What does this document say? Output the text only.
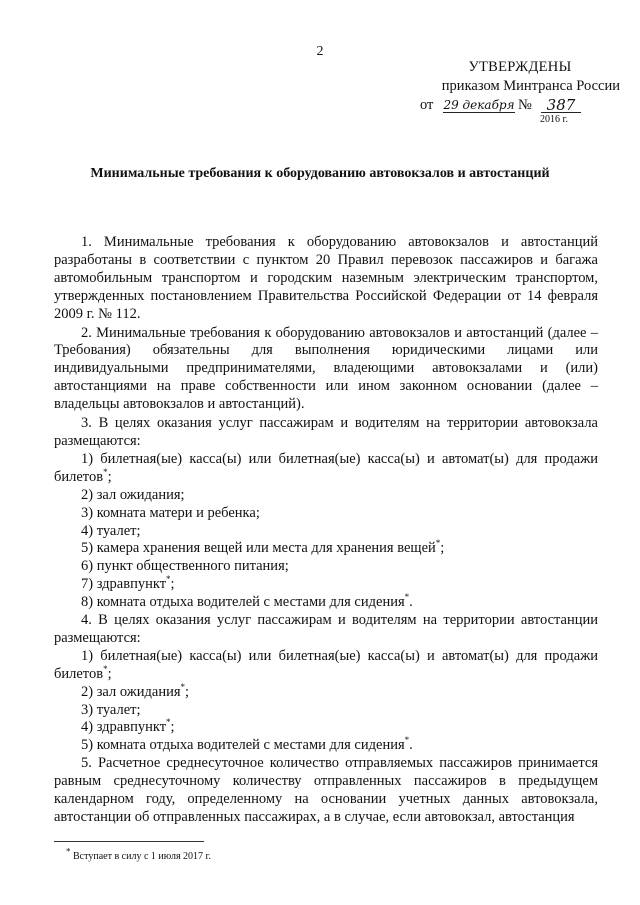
2
УТВЕРЖДЕНЫ
приказом Минтранса России
от 29 декабря № 387
2016 г.
Минимальные требования к оборудованию автовокзалов и автостанций

1. Минимальные требования к оборудованию автовокзалов и автостанций разработаны в соответствии с пунктом 20 Правил перевозок пассажиров и багажа автомобильным транспортом и городским наземным электрическим транспортом, утвержденных постановлением Правительства Российской Федерации от 14 февраля 2009 г. № 112.

2. Минимальные требования к оборудованию автовокзалов и автостанций (далее – Требования) обязательны для выполнения юридическими лицами или индивидуальными предпринимателями, владеющими автовокзалами и (или) автостанциями на праве собственности или ином законном основании (далее – владельцы автовокзалов и автостанций).

3. В целях оказания услуг пассажирам и водителям на территории автовокзала размещаются:

1) билетная(ые) касса(ы) или билетная(ые) касса(ы) и автомат(ы) для продажи билетов*;

2) зал ожидания;

3) комната матери и ребенка;

4) туалет;

5) камера хранения вещей или места для хранения вещей*;

6) пункт общественного питания;

7) здравпункт*;

8) комната отдыха водителей с местами для сидения*.

4. В целях оказания услуг пассажирам и водителям на территории автостанции размещаются:

1) билетная(ые) касса(ы) или билетная(ые) касса(ы) и автомат(ы) для продажи билетов*;

2) зал ожидания*;

3) туалет;

4) здравпункт*;

5) комната отдыха водителей с местами для сидения*.

5. Расчетное среднесуточное количество отправляемых пассажиров принимается равным среднесуточному количеству отправленных пассажиров в предыдущем календарном году, определенному на основании учетных данных автовокзала, автостанции об отправленных пассажирах, а в случае, если автовокзал, автостанция

* Вступает в силу с 1 июля 2017 г.
